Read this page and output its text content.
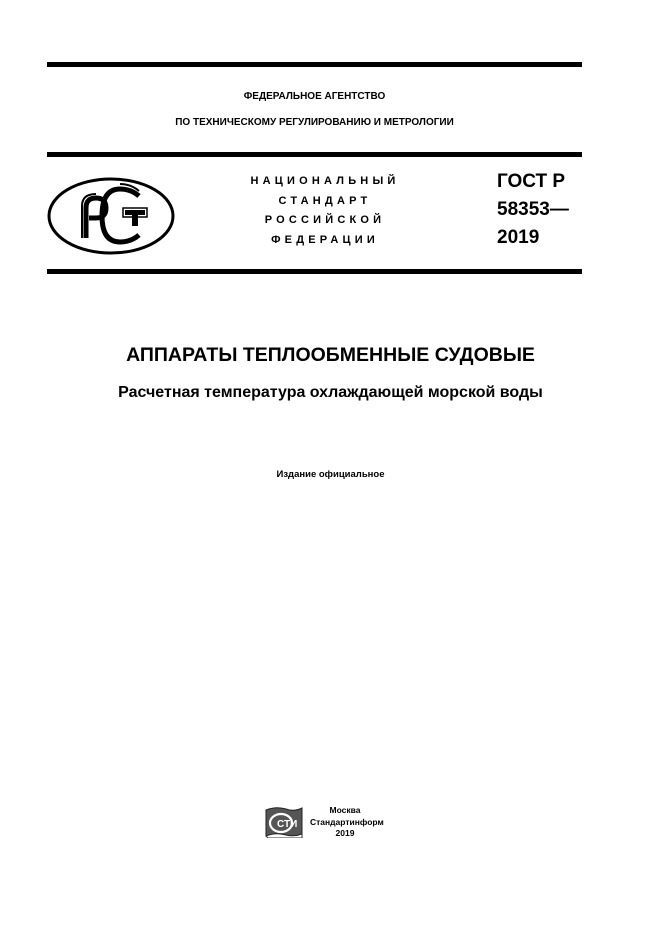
ФЕДЕРАЛЬНОЕ АГЕНТСТВО
ПО ТЕХНИЧЕСКОМУ РЕГУЛИРОВАНИЮ И МЕТРОЛОГИИ
НАЦИОНАЛЬНЫЙ
СТАНДАРТ
РОССИЙСКОЙ
ФЕДЕРАЦИИ
ГОСТ Р
58353—
2019
АППАРАТЫ ТЕПЛООБМЕННЫЕ СУДОВЫЕ
Расчетная температура охлаждающей морской воды
Издание официальное
СТИ
Москва
Стандартинформ
2019
